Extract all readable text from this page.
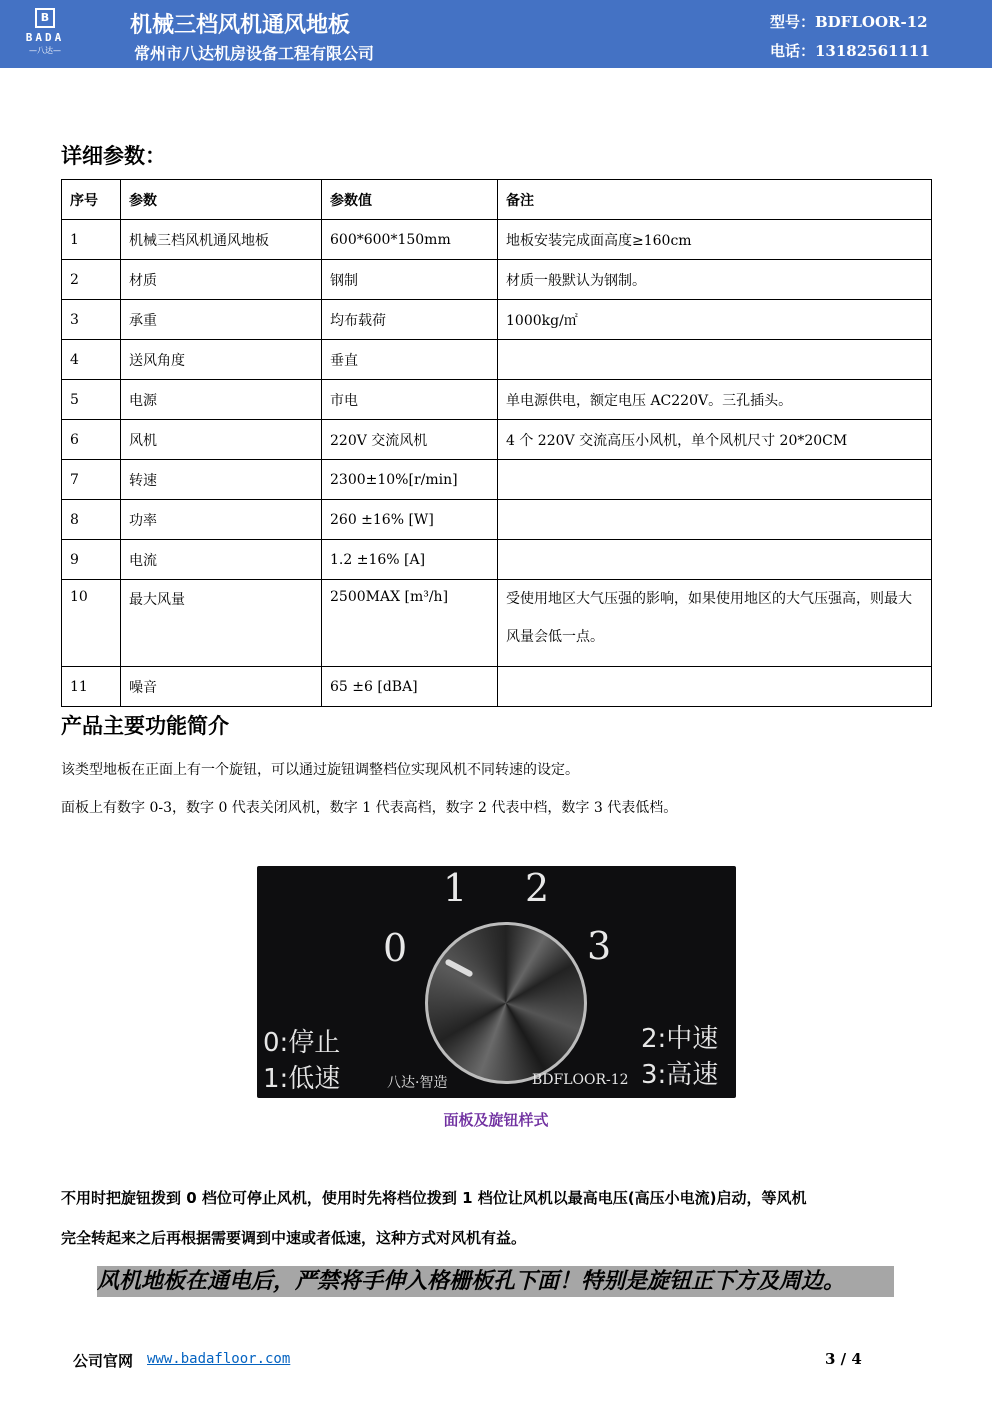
B
BADA
—八达—
机械三档风机通风地板
常州市八达机房设备工程有限公司
型号：BDFLOOR-12
电话：13182561111
详细参数：
序号	参数	参数值	备注
1	机械三档风机通风地板	600*600*150mm	地板安装完成面高度≥160cm
2	材质	钢制	材质一般默认为钢制。
3	承重	均布载荷	1000kg/㎡
4	送风角度	垂直	
5	电源	市电	单电源供电，额定电压 AC220V。三孔插头。
6	风机	220V 交流风机	4 个 220V 交流高压小风机，单个风机尺寸 20*20CM
7	转速	2300±10%[r/min]	
8	功率	260 ±16% [W]	
9	电流	1.2 ±16% [A]	
10	最大风量	2500MAX [m³/h]	受使用地区大气压强的影响，如果使用地区的大气压强高，则最大风量会低一点。
11	噪音	65 ±6 [dBA]	
产品主要功能简介
该类型地板在正面上有一个旋钮，可以通过旋钮调整档位实现风机不同转速的设定。
面板上有数字 0-3，数字 0 代表关闭风机，数字 1 代表高档，数字 2 代表中档，数字 3 代表低档。
0
1 2
3
0:停止
1:低速
2:中速
3:高速
八达·智造	BDFLOOR-12
面板及旋钮样式
不用时把旋钮拨到 0 档位可停止风机，使用时先将档位拨到 1 档位让风机以最高电压(高压小电流)启动，等风机
完全转起来之后再根据需要调到中速或者低速，这种方式对风机有益。
风机地板在通电后，严禁将手伸入格栅板孔下面！特别是旋钮正下方及周边。
公司官网 www.badafloor.com	3 / 4
